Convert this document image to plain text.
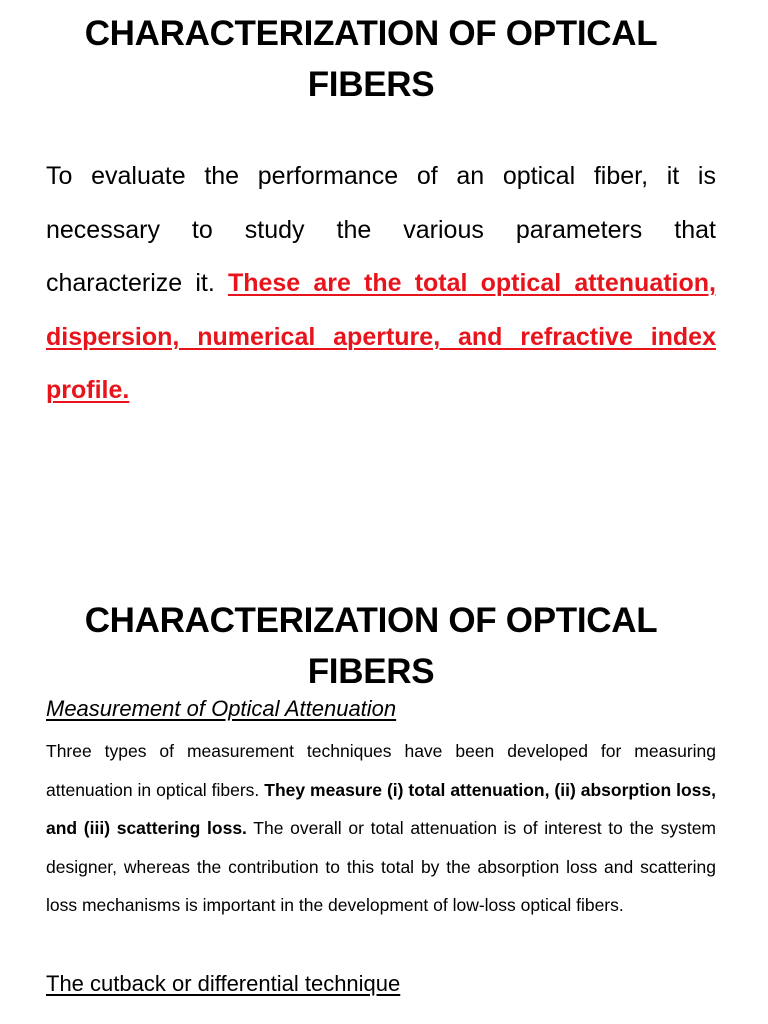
CHARACTERIZATION OF OPTICAL FIBERS
To evaluate the performance of an optical fiber, it is necessary to study the various parameters that characterize it. These are the total optical attenuation, dispersion, numerical aperture, and refractive index profile.
CHARACTERIZATION OF OPTICAL FIBERS
Measurement of Optical Attenuation
Three types of measurement techniques have been developed for measuring attenuation in optical fibers. They measure (i) total attenuation, (ii) absorption loss, and (iii) scattering loss. The overall or total attenuation is of interest to the system designer, whereas the contribution to this total by the absorption loss and scattering loss mechanisms is important in the development of low-loss optical fibers.
The cutback or differential technique
